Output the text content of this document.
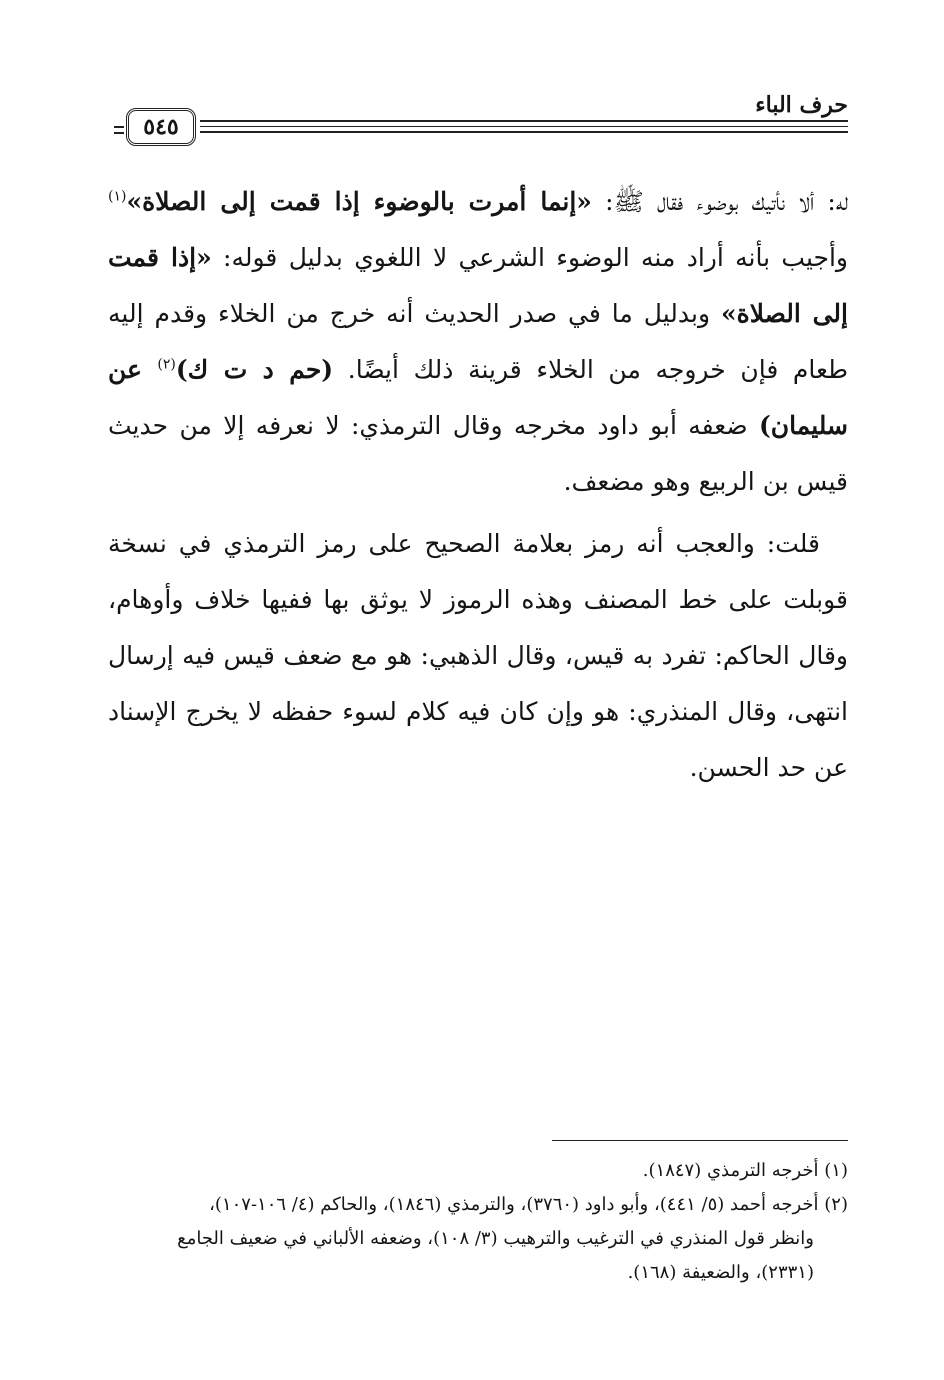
حرف الباء
٥٤٥

له: ألا نأتيك بوضوء فقال ﷺ: «إنما أمرت بالوضوء إذا قمت إلى الصلاة»$^{(١)}$ وأجيب بأنه أراد منه الوضوء الشرعي لا اللغوي بدليل قوله: «إذا قمت إلى الصلاة» وبدليل ما في صدر الحديث أنه خرج من الخلاء وقدم إليه طعام فإن خروجه من الخلاء قرينة ذلك أيضًا. (حم د ت ك)$^{(٢)}$ عن سليمان) ضعفه أبو داود مخرجه وقال الترمذي: لا نعرفه إلا من حديث قيس بن الربيع وهو مضعف.

قلت: والعجب أنه رمز بعلامة الصحيح على رمز الترمذي في نسخة قوبلت على خط المصنف وهذه الرموز لا يوثق بها ففيها خلاف وأوهام، وقال الحاكم: تفرد به قيس، وقال الذهبي: هو مع ضعف قيس فيه إرسال انتهى، وقال المنذري: هو وإن كان فيه كلام لسوء حفظه لا يخرج الإسناد عن حد الحسن.

(١) أخرجه الترمذي (١٨٤٧).

(٢) أخرجه أحمد (٥/ ٤٤١)، وأبو داود (٣٧٦٠)، والترمذي (١٨٤٦)، والحاكم (٤/ ١٠٦-١٠٧)،

وانظر قول المنذري في الترغيب والترهيب (٣/ ١٠٨)، وضعفه الألباني في ضعيف الجامع

(٢٣٣١)، والضعيفة (١٦٨).
